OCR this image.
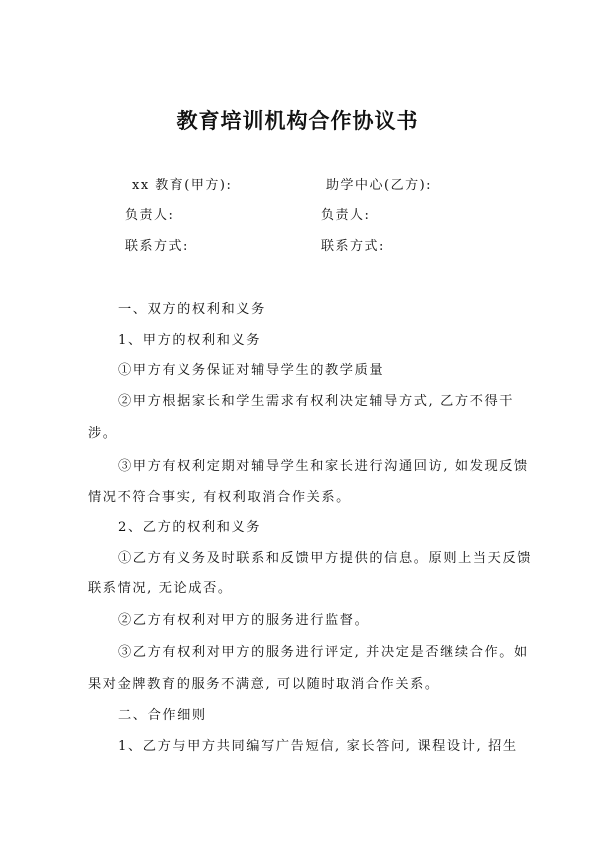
教育培训机构合作协议书
xx 教育(甲方):	助学中心(乙方):
负责人:	负责人:
联系方式:	联系方式:
一、双方的权利和义务
1、甲方的权利和义务
①甲方有义务保证对辅导学生的教学质量
②甲方根据家长和学生需求有权利决定辅导方式, 乙方不得干
涉。
③甲方有权利定期对辅导学生和家长进行沟通回访, 如发现反馈
情况不符合事实, 有权利取消合作关系。
2、乙方的权利和义务
①乙方有义务及时联系和反馈甲方提供的信息。原则上当天反馈
联系情况, 无论成否。
②乙方有权利对甲方的服务进行监督。
③乙方有权利对甲方的服务进行评定, 并决定是否继续合作。如
果对金牌教育的服务不满意, 可以随时取消合作关系。
二、合作细则
1、乙方与甲方共同编写广告短信, 家长答问, 课程设计, 招生
